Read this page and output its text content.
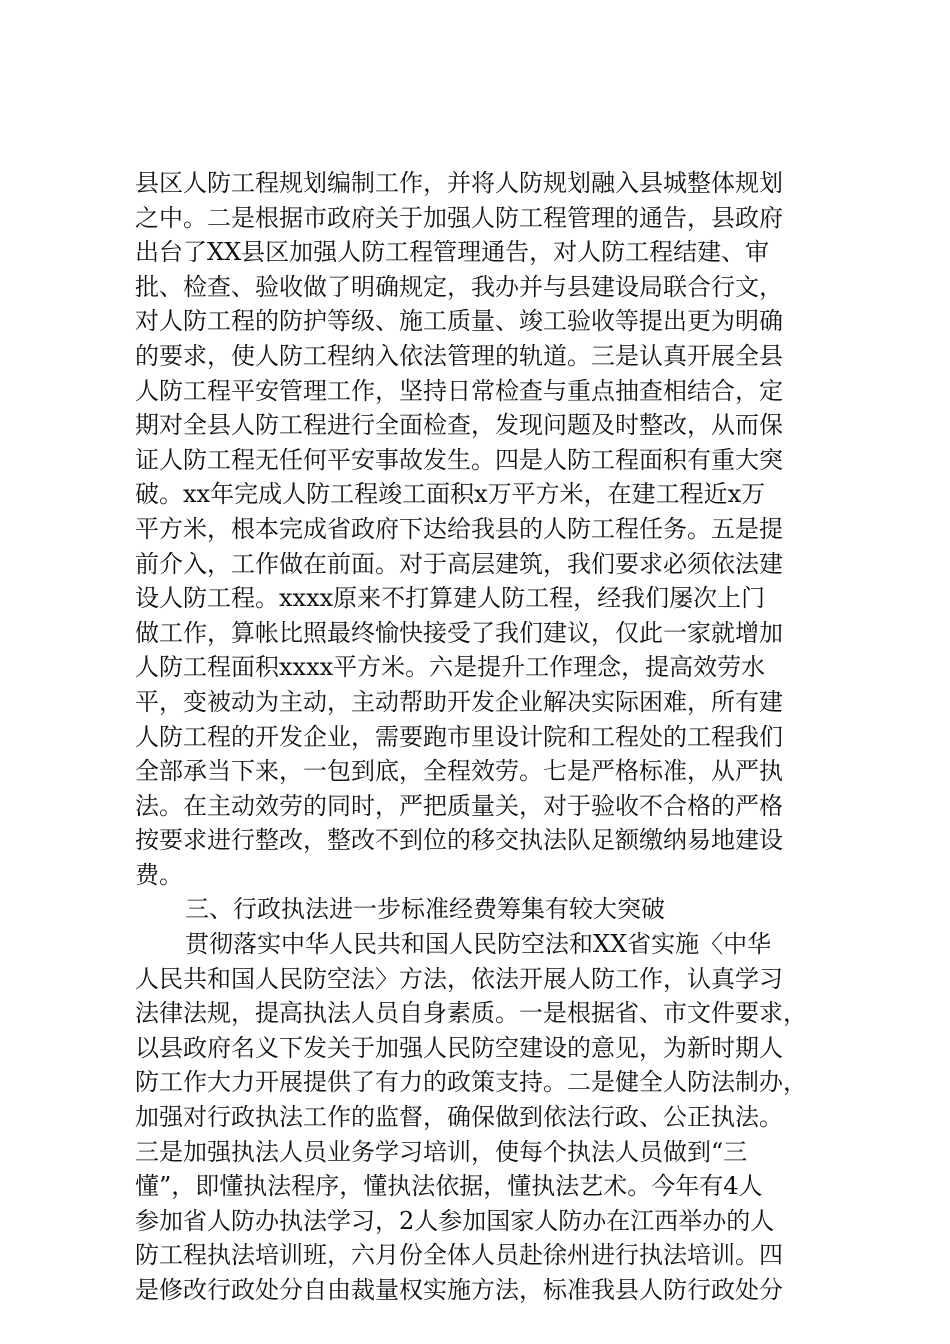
县区人防工程规划编制工作，并将人防规划融入县城整体规划
之中。二是根据市政府关于加强人防工程管理的通告，县政府
出台了XX县区加强人防工程管理通告，对人防工程结建、审
批、检查、验收做了明确规定，我办并与县建设局联合行文，
对人防工程的防护等级、施工质量、竣工验收等提出更为明确
的要求，使人防工程纳入依法管理的轨道。三是认真开展全县
人防工程平安管理工作，坚持日常检查与重点抽查相结合，定
期对全县人防工程进行全面检查，发现问题及时整改，从而保
证人防工程无任何平安事故发生。四是人防工程面积有重大突
破。xx年完成人防工程竣工面积x万平方米，在建工程近x万
平方米，根本完成省政府下达给我县的人防工程任务。五是提
前介入，工作做在前面。对于高层建筑，我们要求必须依法建
设人防工程。xxxx原来不打算建人防工程，经我们屡次上门
做工作，算帐比照最终愉快接受了我们建议，仅此一家就增加
人防工程面积xxxx平方米。六是提升工作理念，提高效劳水
平，变被动为主动，主动帮助开发企业解决实际困难，所有建
人防工程的开发企业，需要跑市里设计院和工程处的工程我们
全部承当下来，一包到底，全程效劳。七是严格标准，从严执
法。在主动效劳的同时，严把质量关，对于验收不合格的严格
按要求进行整改，整改不到位的移交执法队足额缴纳易地建设
费。
三、行政执法进一步标准经费筹集有较大突破
贯彻落实中华人民共和国人民防空法和XX省实施〈中华
人民共和国人民防空法〉方法，依法开展人防工作，认真学习
法律法规，提高执法人员自身素质。一是根据省、市文件要求，
以县政府名义下发关于加强人民防空建设的意见，为新时期人
防工作大力开展提供了有力的政策支持。二是健全人防法制办，
加强对行政执法工作的监督，确保做到依法行政、公正执法。
三是加强执法人员业务学习培训，使每个执法人员做到“三
懂”，即懂执法程序，懂执法依据，懂执法艺术。今年有4人
参加省人防办执法学习，2人参加国家人防办在江西举办的人
防工程执法培训班，六月份全体人员赴徐州进行执法培训。四
是修改行政处分自由裁量权实施方法，标准我县人防行政处分
